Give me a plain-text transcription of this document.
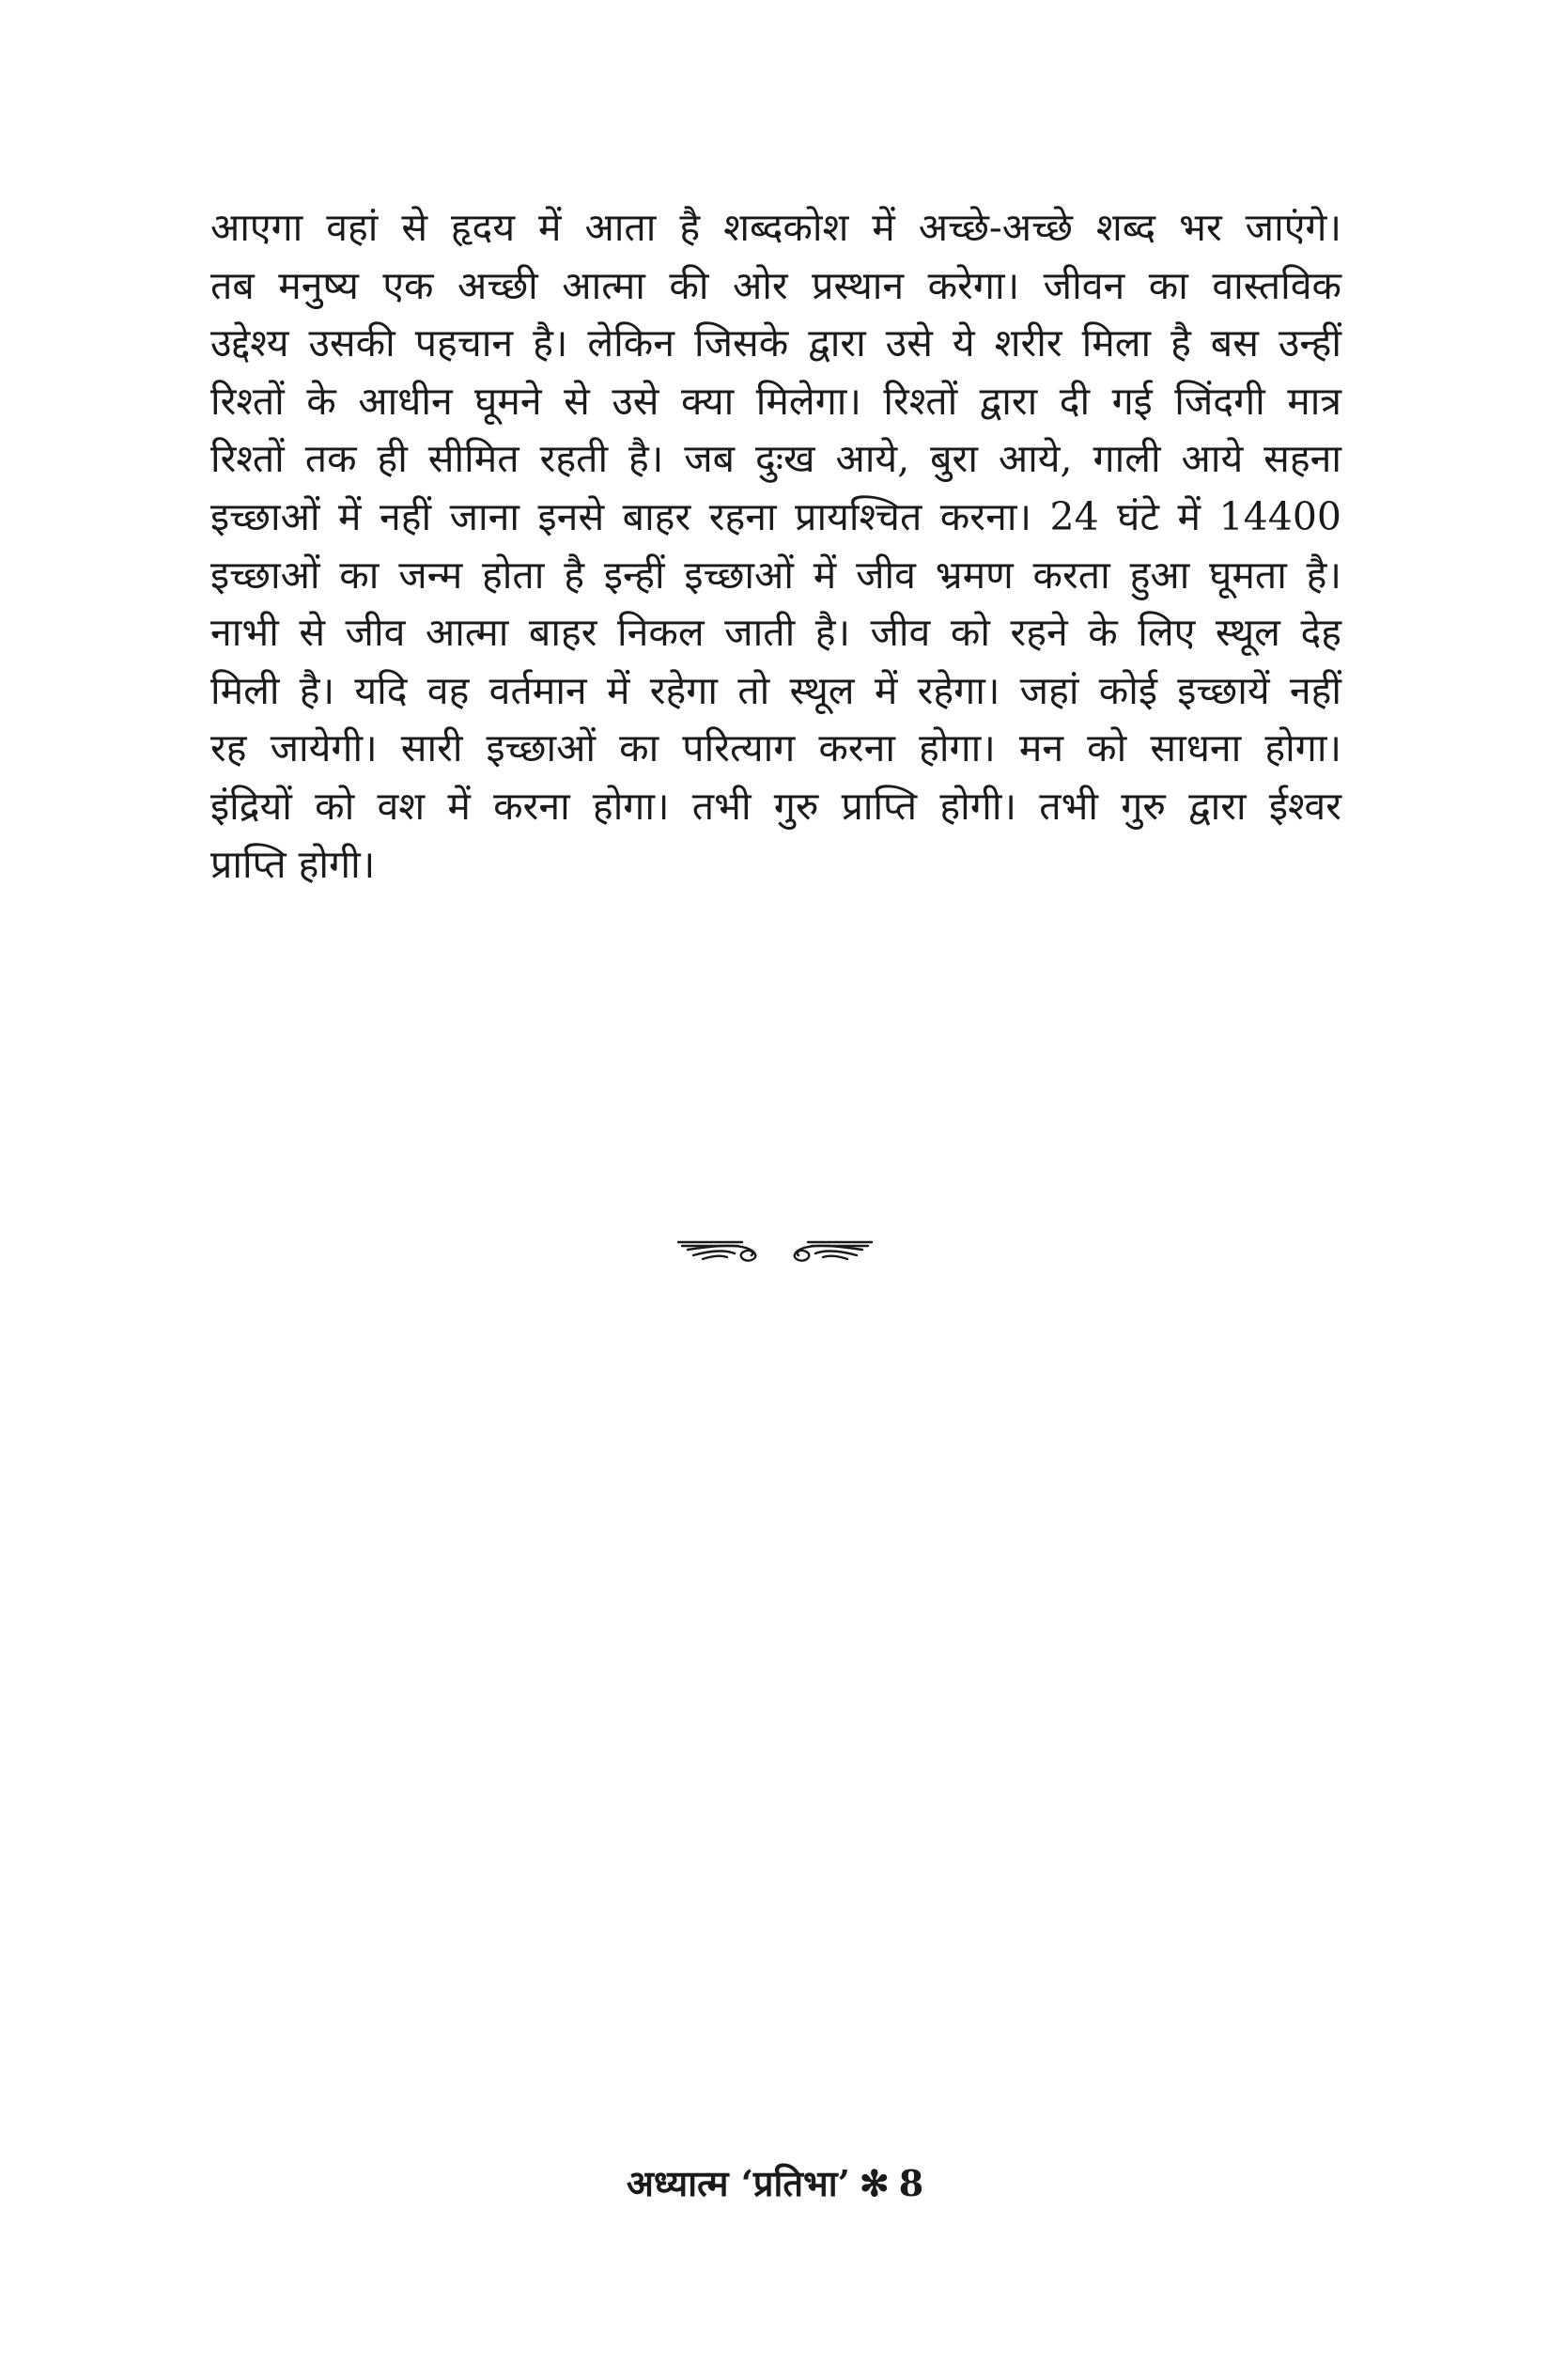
आएगा वहां से हृदय में आता है शब्दकोश में अच्छे-अच्छे शब्द भर जाएंगे।
तब मनुष्य एक अच्छी आत्मा की ओर प्रस्थान करेगा। जीवन का वास्तविक
उद्देश्य उसकी पहचान है। लेकिन जिसके द्वारा उसे ये शरीर मिला है बस उन्हीं
रिश्तों के आधीन घूमने से उसे क्या मिलेगा। रिश्तों द्वारा दी गई जिंदगी मात्र
रिश्तों तक ही सीमित रहती है। जब दुःख आये, बुरा आये, गाली आये सहना
इच्छाओं में नहीं जाना इनसे बाहर रहना प्रायश्चित करना। 24 घंटे में 14400
इच्छाओं का जन्म होता है इन्हीं इच्छाओं में जीव भ्रमण करता हुआ घूमता है।
नाभी से जीव आत्मा बाहर निकल जाती है। जीव को रहने के लिए स्थूल देह
मिली है। यदि वह वर्तमान में रहेगा तो स्थूल में रहेगा। जहां कोई इच्छायें नहीं
रह जायेगी। सारी इच्छाओं का परित्याग करना होगा। मन को साधना होगा।
इंद्रियों को वश में करना होगा। तभी गुरु प्राप्ति होगी। तभी गुरु द्वारा ईश्वर
प्राप्ति होगी।
अध्यात्म ‘प्रतिभा’ ✻ 8
